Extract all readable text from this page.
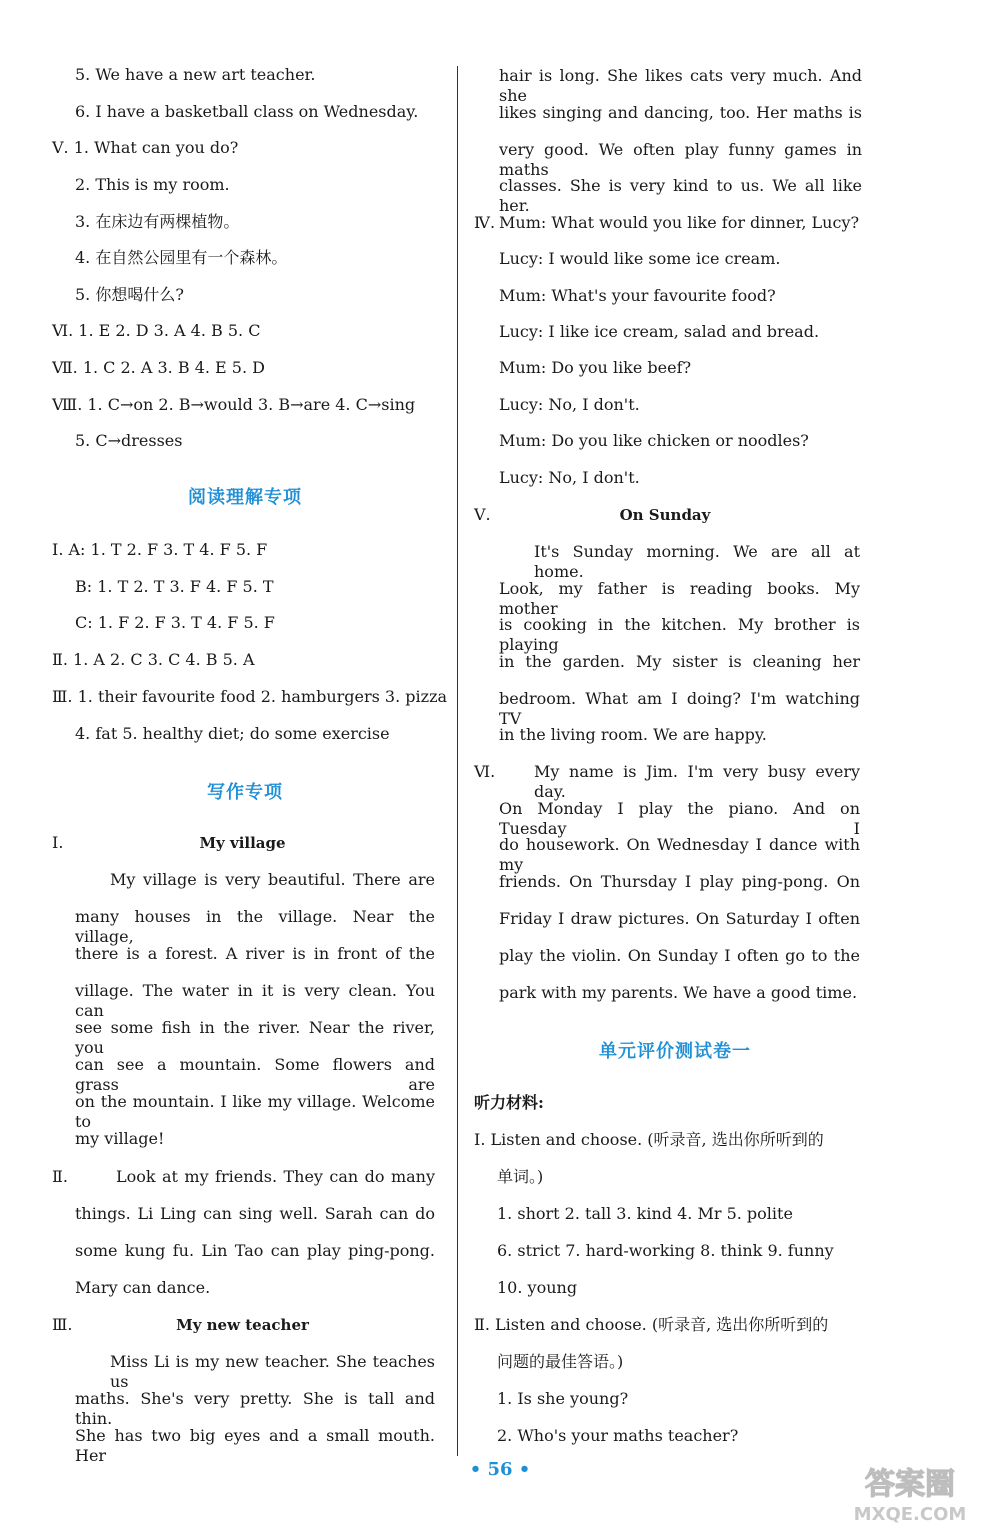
5. We have a new art teacher.
6. I have a basketball class on Wednesday.
Ⅴ. 1. What can you do?
2. This is my room.
3. 在床边有两棵植物。
4. 在自然公园里有一个森林。
5. 你想喝什么?
Ⅵ. 1. E 2. D 3. A 4. B 5. C
Ⅶ. 1. C 2. A 3. B 4. E 5. D
Ⅷ. 1. C→on 2. B→would 3. B→are 4. C→sing
5. C→dresses
阅读理解专项
Ⅰ. A: 1. T 2. F 3. T 4. F 5. F
B: 1. T 2. T 3. F 4. F 5. T
C: 1. F 2. F 3. T 4. F 5. F
Ⅱ. 1. A 2. C 3. C 4. B 5. A
Ⅲ. 1. their favourite food 2. hamburgers 3. pizza
4. fat 5. healthy diet; do some exercise
写作专项
Ⅰ.	My village
My village is very beautiful. There are
many houses in the village. Near the village,
there is a forest. A river is in front of the
village. The water in it is very clean. You can
see some fish in the river. Near the river, you
can see a mountain. Some flowers and grass are
on the mountain. I like my village. Welcome to
my village!
Ⅱ.	Look at my friends. They can do many
things. Li Ling can sing well. Sarah can do
some kung fu. Lin Tao can play ping-pong.
Mary can dance.
Ⅲ.	My new teacher
Miss Li is my new teacher. She teaches us
maths. She's very pretty. She is tall and thin.
She has two big eyes and a small mouth. Her
hair is long. She likes cats very much. And she
likes singing and dancing, too. Her maths is
very good. We often play funny games in maths
classes. She is very kind to us. We all like her.
Ⅳ. Mum: What would you like for dinner, Lucy?
Lucy: I would like some ice cream.
Mum: What's your favourite food?
Lucy: I like ice cream, salad and bread.
Mum: Do you like beef?
Lucy: No, I don't.
Mum: Do you like chicken or noodles?
Lucy: No, I don't.
Ⅴ.	On Sunday
It's Sunday morning. We are all at home.
Look, my father is reading books. My mother
is cooking in the kitchen. My brother is playing
in the garden. My sister is cleaning her
bedroom. What am I doing? I'm watching TV
in the living room. We are happy.
Ⅵ. My name is Jim. I'm very busy every day.
On Monday I play the piano. And on Tuesday I
do housework. On Wednesday I dance with my
friends. On Thursday I play ping-pong. On
Friday I draw pictures. On Saturday I often
play the violin. On Sunday I often go to the
park with my parents. We have a good time.
单元评价测试卷一
听力材料:
Ⅰ. Listen and choose. (听录音, 选出你所听到的
单词。)
1. short 2. tall 3. kind 4. Mr 5. polite
6. strict 7. hard-working 8. think 9. funny
10. young
Ⅱ. Listen and choose. (听录音, 选出你所听到的
问题的最佳答语。)
1. Is she young?
2. Who's your maths teacher?
• 56 •	答案圈
MXQE.COM
